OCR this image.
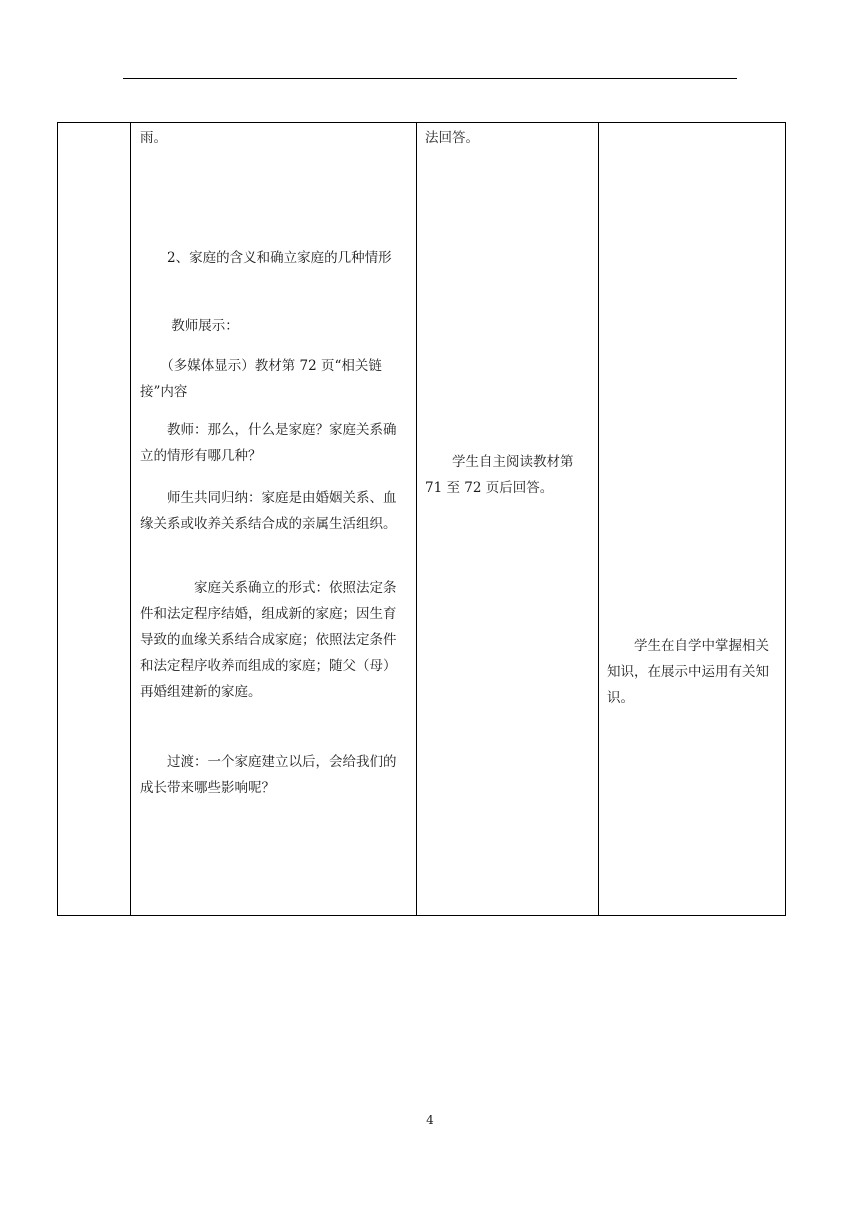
雨。

　　2、家庭的含义和确立家庭的几种情形

　　 教师展示：

　　（多媒体显示）教材第 72 页“相关链接”内容

　　教师：那么，什么是家庭？家庭关系确立的情形有哪几种？

　　师生共同归纳：家庭是由婚姻关系、血缘关系或收养关系结合成的亲属生活组织。

　　　　家庭关系确立的形式：依照法定条件和法定程序结婚，组成新的家庭；因生育导致的血缘关系结合成家庭；依照法定条件和法定程序收养而组成的家庭；随父（母）再婚组建新的家庭。

　　过渡：一个家庭建立以后，会给我们的成长带来哪些影响呢？

法回答。

　　学生自主阅读教材第 71 至 72 页后回答。

　　学生在自学中掌握相关知识，在展示中运用有关知识。

4
